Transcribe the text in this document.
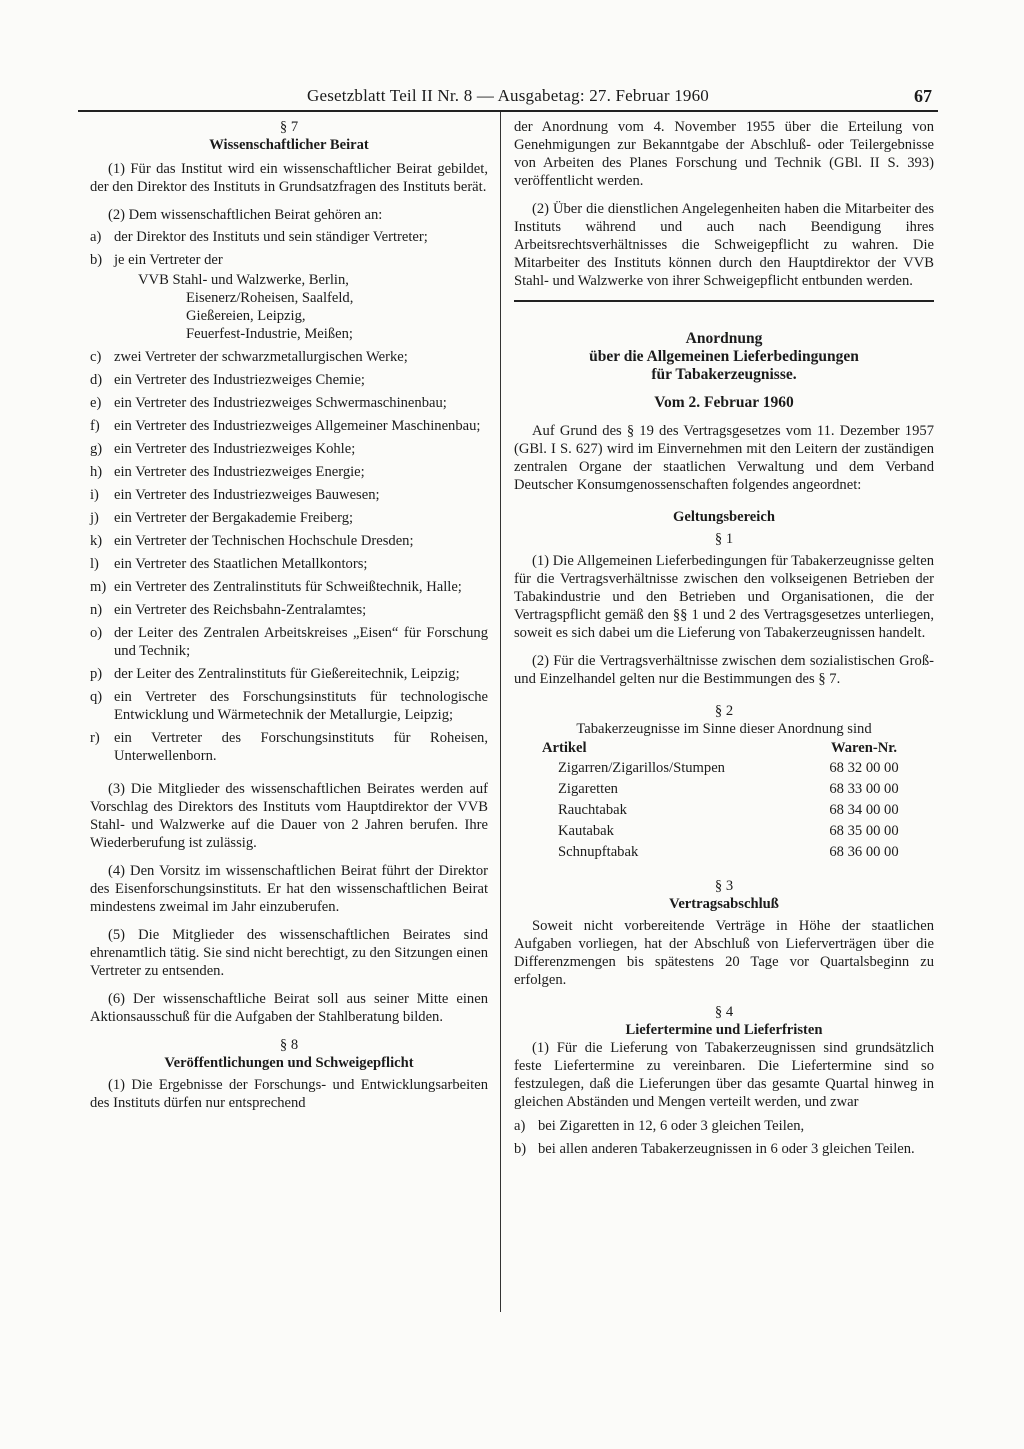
Gesetzblatt Teil II Nr. 8 — Ausgabetag: 27. Februar 1960	67
§ 7
Wissenschaftlicher Beirat

(1) Für das Institut wird ein wissenschaftlicher Beirat gebildet, der den Direktor des Instituts in Grundsatzfragen des Instituts berät.

(2) Dem wissenschaftlichen Beirat gehören an:

a) der Direktor des Instituts und sein ständiger Vertreter;
b) je ein Vertreter der
VVB Stahl- und Walzwerke, Berlin,
Eisenerz/Roheisen, Saalfeld,
Gießereien, Leipzig,
Feuerfest-Industrie, Meißen;
c) zwei Vertreter der schwarzmetallurgischen Werke;
d) ein Vertreter des Industriezweiges Chemie;
e) ein Vertreter des Industriezweiges Schwermaschinenbau;
f) ein Vertreter des Industriezweiges Allgemeiner Maschinenbau;
g) ein Vertreter des Industriezweiges Kohle;
h) ein Vertreter des Industriezweiges Energie;
i)	ein Vertreter des Industriezweiges Bauwesen;
j)	ein Vertreter der Bergakademie Freiberg;
k) ein Vertreter der Technischen Hochschule Dresden;
l)	ein Vertreter des Staatlichen Metallkontors;
m) ein Vertreter des Zentralinstituts für Schweißtechnik, Halle;
n) ein Vertreter des Reichsbahn-Zentralamtes;
o) der Leiter des Zentralen Arbeitskreises „Eisen“ für Forschung und Technik;
p) der Leiter des Zentralinstituts für Gießereitechnik, Leipzig;
q) ein Vertreter des Forschungsinstituts für technologische Entwicklung und Wärmetechnik der Metallurgie, Leipzig;
r) ein Vertreter des Forschungsinstituts für Roheisen, Unterwellenborn.

(3) Die Mitglieder des wissenschaftlichen Beirates werden auf Vorschlag des Direktors des Instituts vom Hauptdirektor der VVB Stahl- und Walzwerke auf die Dauer von 2 Jahren berufen. Ihre Wiederberufung ist zulässig.

(4) Den Vorsitz im wissenschaftlichen Beirat führt der Direktor des Eisenforschungsinstituts. Er hat den wissenschaftlichen Beirat mindestens zweimal im Jahr einzuberufen.

(5) Die Mitglieder des wissenschaftlichen Beirates sind ehrenamtlich tätig. Sie sind nicht berechtigt, zu den Sitzungen einen Vertreter zu entsenden.

(6) Der wissenschaftliche Beirat soll aus seiner Mitte einen Aktionsausschuß für die Aufgaben der Stahlberatung bilden.

§ 8
Veröffentlichungen und Schweigepflicht

(1) Die Ergebnisse der Forschungs- und Entwicklungsarbeiten des Instituts dürfen nur entsprechend

der Anordnung vom 4. November 1955 über die Erteilung von Genehmigungen zur Bekanntgabe der Abschluß- oder Teilergebnisse von Arbeiten des Planes Forschung und Technik (GBl. II S. 393) veröffentlicht werden.

(2) Über die dienstlichen Angelegenheiten haben die Mitarbeiter des Instituts während und auch nach Beendigung ihres Arbeitsrechtsverhältnisses die Schweigepflicht zu wahren. Die Mitarbeiter des Instituts können durch den Hauptdirektor der VVB Stahl- und Walzwerke von ihrer Schweigepflicht entbunden werden.

Anordnung
über die Allgemeinen Lieferbedingungen
für Tabakerzeugnisse.
Vom 2. Februar 1960

Auf Grund des § 19 des Vertragsgesetzes vom 11. Dezember 1957 (GBl. I S. 627) wird im Einvernehmen mit den Leitern der zuständigen zentralen Organe der staatlichen Verwaltung und dem Verband Deutscher Konsumgenossenschaften folgendes angeordnet:

Geltungsbereich
§ 1

(1) Die Allgemeinen Lieferbedingungen für Tabakerzeugnisse gelten für die Vertragsverhältnisse zwischen den volkseigenen Betrieben der Tabakindustrie und den Betrieben und Organisationen, die der Vertragspflicht gemäß den §§ 1 und 2 des Vertragsgesetzes unterliegen, soweit es sich dabei um die Lieferung von Tabakerzeugnissen handelt.

(2) Für die Vertragsverhältnisse zwischen dem sozialistischen Groß- und Einzelhandel gelten nur die Bestimmungen des § 7.

§ 2

Tabakerzeugnisse im Sinne dieser Anordnung sind

Artikel	Waren-Nr.
Zigarren/Zigarillos/Stumpen	68 32 00 00
Zigaretten	68 33 00 00
Rauchtabak	68 34 00 00
Kautabak	68 35 00 00
Schnupftabak	68 36 00 00
§ 3
Vertragsabschluß

Soweit nicht vorbereitende Verträge in Höhe der staatlichen Aufgaben vorliegen, hat der Abschluß von Lieferverträgen über die Differenzmengen bis spätestens 20 Tage vor Quartalsbeginn zu erfolgen.

§ 4
Liefertermine und Lieferfristen

(1) Für die Lieferung von Tabakerzeugnissen sind grundsätzlich feste Liefertermine zu vereinbaren. Die Liefertermine sind so festzulegen, daß die Lieferungen über das gesamte Quartal hinweg in gleichen Abständen und Mengen verteilt werden, und zwar

a) bei Zigaretten in 12, 6 oder 3 gleichen Teilen,
b) bei allen anderen Tabakerzeugnissen in 6 oder 3 gleichen Teilen.
